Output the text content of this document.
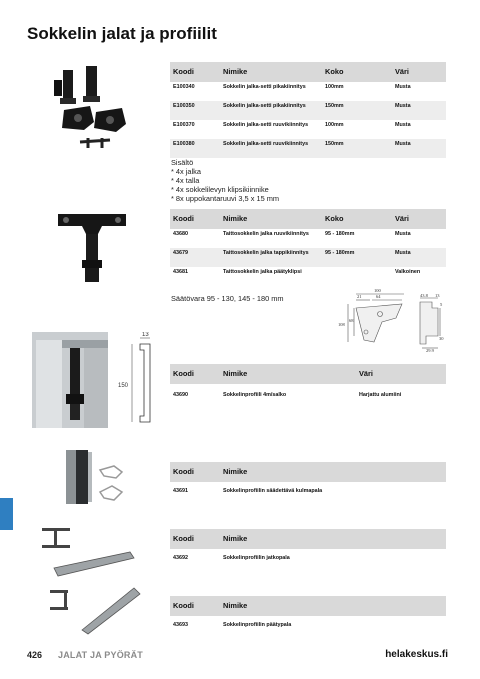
Sokkelin jalat ja profiilit
Koodi	Nimike	Koko	Väri
E100340	Sokkelin jalka-setti pikakiinnitys	100mm	Musta
E100350	Sokkelin jalka-setti pikakiinnitys	150mm	Musta
E100370	Sokkelin jalka-setti ruuvikiinnitys	100mm	Musta
E100380	Sokkelin jalka-setti ruuvikiinnitys	150mm	Musta
Sisältö
* 4x jalka
* 4x talla
* 4x sokkelilevyn klipsikiinnike
* 8x uppokantaruuvi 3,5 x 15 mm
Koodi	Nimike	Koko	Väri
43680	Taittosokkelin jalka ruuvikiinnitys	95 - 180mm	Musta
43679	Taittosokkelin jalka tappikiinnitys	95 - 180mm	Musta
43681	Taittosokkelin jalka päätyklipsi		Valkoinen
Säätövara 95 - 130, 145 - 180 mm
100
21	64	43.8 13
108
5
30
29.9
68
13
150
Koodi	Nimike	Väri
43690	Sokkelinprofiili 4m/salko	Harjattu alumiini
Koodi	Nimike
43691	Sokkelinprofiilin säädettävä kulmapala
Koodi	Nimike
43692	Sokkelinprofiilin jatkopala
Koodi	Nimike
43693	Sokkelinprofiilin päätypala
426 JALAT JA PYÖRÄT	helakeskus.fi
